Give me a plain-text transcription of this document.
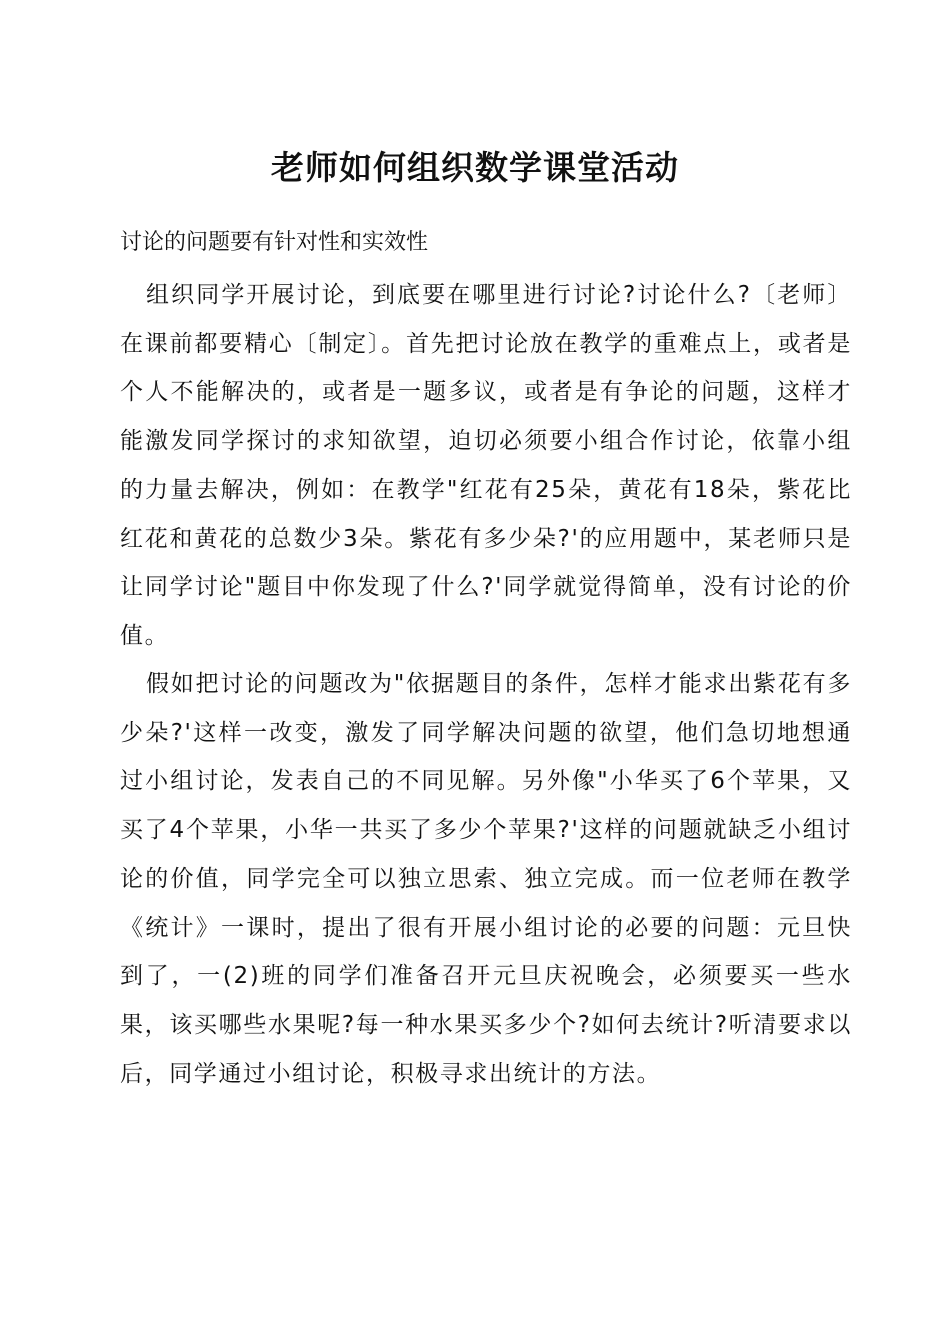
老师如何组织数学课堂活动
讨论的问题要有针对性和实效性

组织同学开展讨论，到底要在哪里进行讨论?讨论什么?〔老师〕在课前都要精心〔制定〕。首先把讨论放在教学的重难点上，或者是个人不能解决的，或者是一题多议，或者是有争论的问题，这样才能激发同学探讨的求知欲望，迫切必须要小组合作讨论，依靠小组的力量去解决，例如：在教学"红花有25朵，黄花有18朵，紫花比红花和黄花的总数少3朵。紫花有多少朵?'的应用题中，某老师只是让同学讨论"题目中你发现了什么?'同学就觉得简单，没有讨论的价值。

假如把讨论的问题改为"依据题目的条件，怎样才能求出紫花有多少朵?'这样一改变，激发了同学解决问题的欲望，他们急切地想通过小组讨论，发表自己的不同见解。另外像"小华买了6个苹果，又买了4个苹果，小华一共买了多少个苹果?'这样的问题就缺乏小组讨论的价值，同学完全可以独立思索、独立完成。而一位老师在教学《统计》一课时，提出了很有开展小组讨论的必要的问题：元旦快到了，一(2)班的同学们准备召开元旦庆祝晚会，必须要买一些水果，该买哪些水果呢?每一种水果买多少个?如何去统计?听清要求以后，同学通过小组讨论，积极寻求出统计的方法。
